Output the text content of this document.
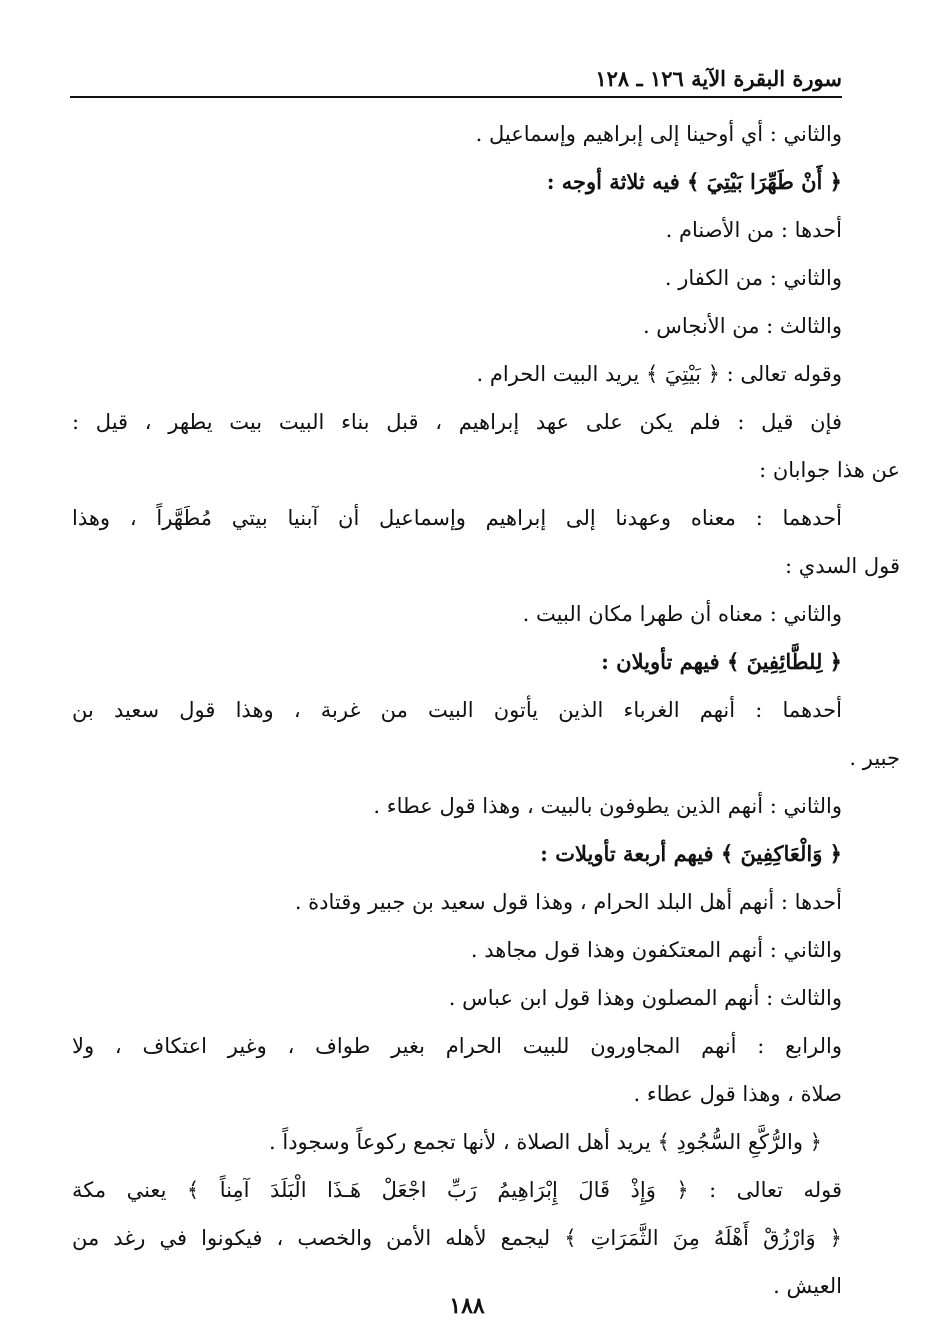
سورة البقرة الآية ١٢٦ ـ ١٢٨
والثاني : أي أوحينا إلى إبراهيم وإسماعيل .
﴿ أَنْ طَهِّرَا بَيْتِيَ ﴾ فيه ثلاثة أوجه :
أحدها : من الأصنام .
والثاني : من الكفار .
والثالث : من الأنجاس .
وقوله تعالى : ﴿ بَيْتِيَ ﴾ يريد البيت الحرام .
فإن قيل : فلم يكن على عهد إبراهيم ، قبل بناء البيت بيت يطهر ، قيل :
عن هذا جوابان :
أحدهما : معناه وعهدنا إلى إبراهيم وإسماعيل أن آبنيا بيتي مُطَهَّراً ، وهذا
قول السدي :
والثاني : معناه أن طهرا مكان البيت .
﴿ لِلطَّائِفِينَ ﴾ فيهم تأويلان :
أحدهما : أنهم الغرباء الذين يأتون البيت من غربة ، وهذا قول سعيد بن
جبير .
والثاني : أنهم الذين يطوفون بالبيت ، وهذا قول عطاء .
﴿ وَالْعَاكِفِينَ ﴾ فيهم أربعة تأويلات :
أحدها : أنهم أهل البلد الحرام ، وهذا قول سعيد بن جبير وقتادة .
والثاني : أنهم المعتكفون وهذا قول مجاهد .
والثالث : أنهم المصلون وهذا قول ابن عباس .
والرابع : أنهم المجاورون للبيت الحرام بغير طواف ، وغير اعتكاف ، ولا
صلاة ، وهذا قول عطاء .
﴿ والرُّكَّعِ السُّجُودِ ﴾ يريد أهل الصلاة ، لأنها تجمع ركوعاً وسجوداً .
قوله تعالى : ﴿ وَإِذْ قَالَ إِبْرَاهِيمُ رَبِّ اجْعَلْ هَـذَا الْبَلَدَ آمِناً ﴾ يعني مكة
﴿ وَارْزُقْ أَهْلَهُ مِنَ الثَّمَرَاتِ ﴾ ليجمع لأهله الأمن والخصب ، فيكونوا في رغد من
العيش .
١٨٨
